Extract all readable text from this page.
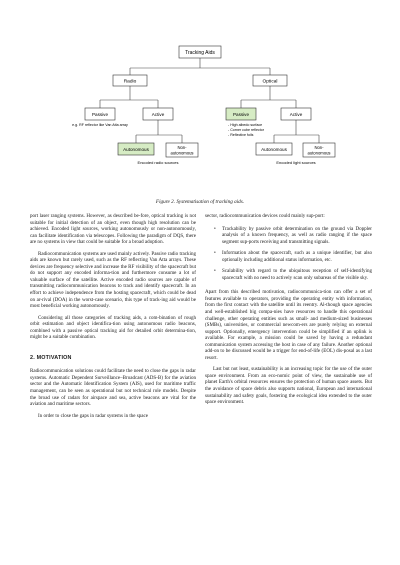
Tracking Aids
Radio	Optical
Passive
e.g. RF reflector like Van Atta array
Active
Autonomous	Non-
autonomous
Encoded radio sources
Passive
- High albedo surface
- Corner cube reflector
- Reflective foils
Active
Autonomous	Non-
autonomous
Encoded light sources
Figure 2. Systematisation of tracking aids.

port laser ranging systems. However, as described be-fore, optical tracking is not suitable for initial detection of an object, even though high resolution can be achieved. Encoded light sources, working autonomously or non-autonomously, can facilitate identification via telescopes. Following the paradigm of DQS, there are no systems in view that could be suitable for a broad adoption.

Radiocommunication systems are used mainly actively. Passive radio tracking aids are known but rarely used, such as the RF reflecting Van Atta arrays. These devices are frequency selective and increase the RF visibility of the spacecraft but do not support any encoded informa-tion and furthermore consume a lot of valuable surface of the satellite. Active encoded radio sources are capable of transmitting radiocommunication beacons to track and identify spacecraft. In an effort to achieve independence from the hosting spacecraft, which could be dead on ar-rival (DOA) in the worst-case scenario, this type of track-ing aid would be most beneficial working autonomously.

Considering all those categories of tracking aids, a com-bination of rough orbit estimation and object identifica-tion using autonomous radio beacons, combined with a passive optical tracking aid for detailed orbit determina-tion, might be a suitable combination.

2. MOTIVATION

Radiocommunication solutions could facilitate the need to close the gaps in radar systems. Automatic Dependent Surveillance–Broadcast (ADS-B) for the aviation sector and the Automatic Identification System (AIS), used for maritime traffic management, can be seen as operational but not technical role models. Despite the broad use of radars for airspace and sea, active beacons are vital for the aviation and maritime sectors.

In order to close the gaps in radar systems in the space

sector, radiocommunication devices could mainly sup-port:

• Trackability by passive orbit determination on the ground via Doppler analysis of a known frequency, as well as radio ranging if the space segment sup-ports receiving and transmitting signals.
• Information about the spacecraft, such as a unique identifier, but also optionally including additional status information, etc.
• Scalability with regard to the ubiquitous reception of self-identifying spacecraft with no need to actively scan only subareas of the visible sky.

Apart from this described motivation, radiocommunica-tion can offer a set of features available to operators, providing the operating entity with information, from the first contact with the satellite until its reentry. Al-though space agencies and well-established big compa-nies have resources to handle this operational challenge, other operating entities such as small- and medium-sized businesses (SMBs), universities, or commercial newcom-ers are purely relying on external support. Optionally, emergency intervention could be simplified if an uplink is available. For example, a mission could be saved by having a redundant communication system accessing the host in case of any failure. Another optional add-on to be discussed would be a trigger for end-of-life (EOL) dis-posal as a last resort.

Last but not least, sustainability is an increasing topic for the use of the outer space environment. From an eco-nomic point of view, the sustainable use of planet Earth's orbital resources ensures the protection of human space assets. But the avoidance of space debris also supports national, European and international sustainability and safety goals, fostering the ecological idea extended to the outer space environment.
